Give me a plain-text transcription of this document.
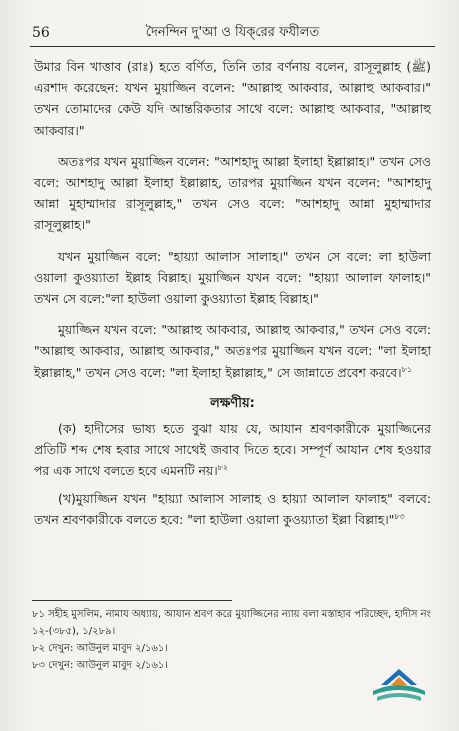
56	দৈনন্দিন দু'আ ও যিক্‌রের ফযীলত

উমার বিন খাত্তাব (রাঃ) হতে বর্ণিত, তিনি তার বর্ণনায় বলেন, রাসূলুল্লাহ (ﷺ) এরশাদ করেছেন: যখন মুয়াজ্জিন বলেন: "আল্লাহু আকবার, আল্লাহু আকবার।" তখন তোমাদের কেউ যদি আন্তরিকতার সাথে বলে: আল্লাহু আকবার, "আল্লাহু আকবার।"

অতঃপর যখন মুয়াজ্জিন বলেন: "আশহাদু আল্লা ইলাহা ইল্লাল্লাহ।" তখন সেও বলে: আশহাদু আল্লা ইলাহা ইল্লাল্লাহ, তারপর মুয়াজ্জিন যখন বলেন: "আশহাদু আন্না মুহাম্মাদার রাসূলুল্লাহ," তখন সেও বলে: "আশহাদু আন্না মুহাম্মাদার রাসূলুল্লাহ।"

যখন মুয়াজ্জিন বলে: "হায়্যা আলাস সালাহ।" তখন সে বলে: লা হাউলা ওয়ালা কুওয়্যাতা ইল্লাহ বিল্লাহ। মুয়াজ্জিন যখন বলে: "হায়্যা আলাল ফালাহ।" তখন সে বলে:"লা হাউলা ওয়ালা কুওয়্যাতা ইল্লাহ বিল্লাহ।"

মুয়াজ্জিন যখন বলে: "আল্লাহু আকবার, আল্লাহু আকবার," তখন সেও বলে: "আল্লাহু আকবার, আল্লাহু আকবার," অতঃপর মুয়াজ্জিন যখন বলে: "লা ইলাহা ইল্লাল্লাহ," তখন সেও বলে: "লা ইলাহা ইল্লাল্লাহ," সে জান্নাতে প্রবেশ করবে।$^{৮১}$

লক্ষণীয়:

(ক) হাদীসের ভাষ্য হতে বুঝা যায় যে, আযান শ্রবণকারীকে মুয়াজ্জিনের প্রতিটি শব্দ শেষ হবার সাথে সাথেই জবাব দিতে হবে। সম্পূর্ণ আযান শেষ হওয়ার পর এক সাথে বলতে হবে এমনটি নয়।$^{৮২}$

(খ)মুয়াজ্জিন যখন "হায়্যা আলাস সালাহ ও হায়্যা আলাল ফালাহ" বলবে: তখন শ্রবণকারীকে বলতে হবে: "লা হাউলা ওয়ালা কুওয়্যাতা ইল্লা বিল্লাহ।"$^{৮৩}$

৮১ সহীহ মুসলিম, নামায অধ্যায়, আযান শ্রবণ করে মুয়াজ্জিনের ন্যায় বলা মস্তাহাব পরিচ্ছেদ, হাদীস নং ১২-(৩৮৫), ১/২৮৯।
৮২ দেখুন: আউনুল মাবুদ ২/১৬১।
৮৩ দেখুন: আউনুল মাবুদ ২/১৬১।
